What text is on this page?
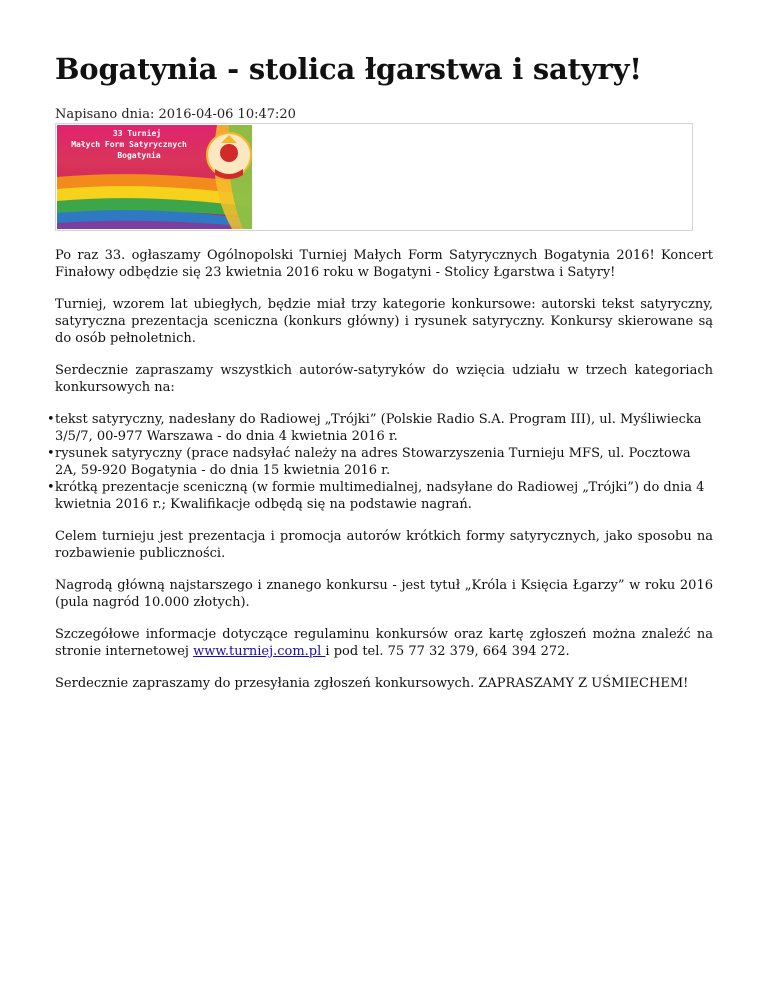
Bogatynia - stolica łgarstwa i satyry!
Napisano dnia: 2016-04-06 10:47:20
33 Turniej
Małych Form Satyrycznych
Bogatynia

Po raz 33. ogłaszamy Ogólnopolski Turniej Małych Form Satyrycznych Bogatynia 2016! Koncert Finałowy odbędzie się 23 kwietnia 2016 roku w Bogatyni - Stolicy Łgarstwa i Satyry!

Turniej, wzorem lat ubiegłych, będzie miał trzy kategorie konkursowe: autorski tekst satyryczny, satyryczna prezentacja sceniczna (konkurs główny) i rysunek satyryczny. Konkursy skierowane są do osób pełnoletnich.

Serdecznie zapraszamy wszystkich autorów-satyryków do wzięcia udziału w trzech kategoriach konkursowych na:

• tekst satyryczny, nadesłany do Radiowej „Trójki” (Polskie Radio S.A. Program III), ul. Myśliwiecka 3/5/7, 00-977 Warszawa - do dnia 4 kwietnia 2016 r.
• rysunek satyryczny (prace nadsyłać należy na adres Stowarzyszenia Turnieju MFS, ul. Pocztowa 2A, 59-920 Bogatynia - do dnia 15 kwietnia 2016 r.
• krótką prezentacje sceniczną (w formie multimedialnej, nadsyłane do Radiowej „Trójki”) do dnia 4 kwietnia 2016 r.; Kwalifikacje odbędą się na podstawie nagrań.

Celem turnieju jest prezentacja i promocja autorów krótkich formy satyrycznych, jako sposobu na rozbawienie publiczności.

Nagrodą główną najstarszego i znanego konkursu - jest tytuł „Króla i Księcia Łgarzy” w roku 2016 (pula nagród 10.000 złotych).

Szczegółowe informacje dotyczące regulaminu konkursów oraz kartę zgłoszeń można znaleźć na stronie internetowej www.turniej.com.pl i pod tel. 75 77 32 379, 664 394 272.

Serdecznie zapraszamy do przesyłania zgłoszeń konkursowych. ZAPRASZAMY Z UŚMIECHEM!
